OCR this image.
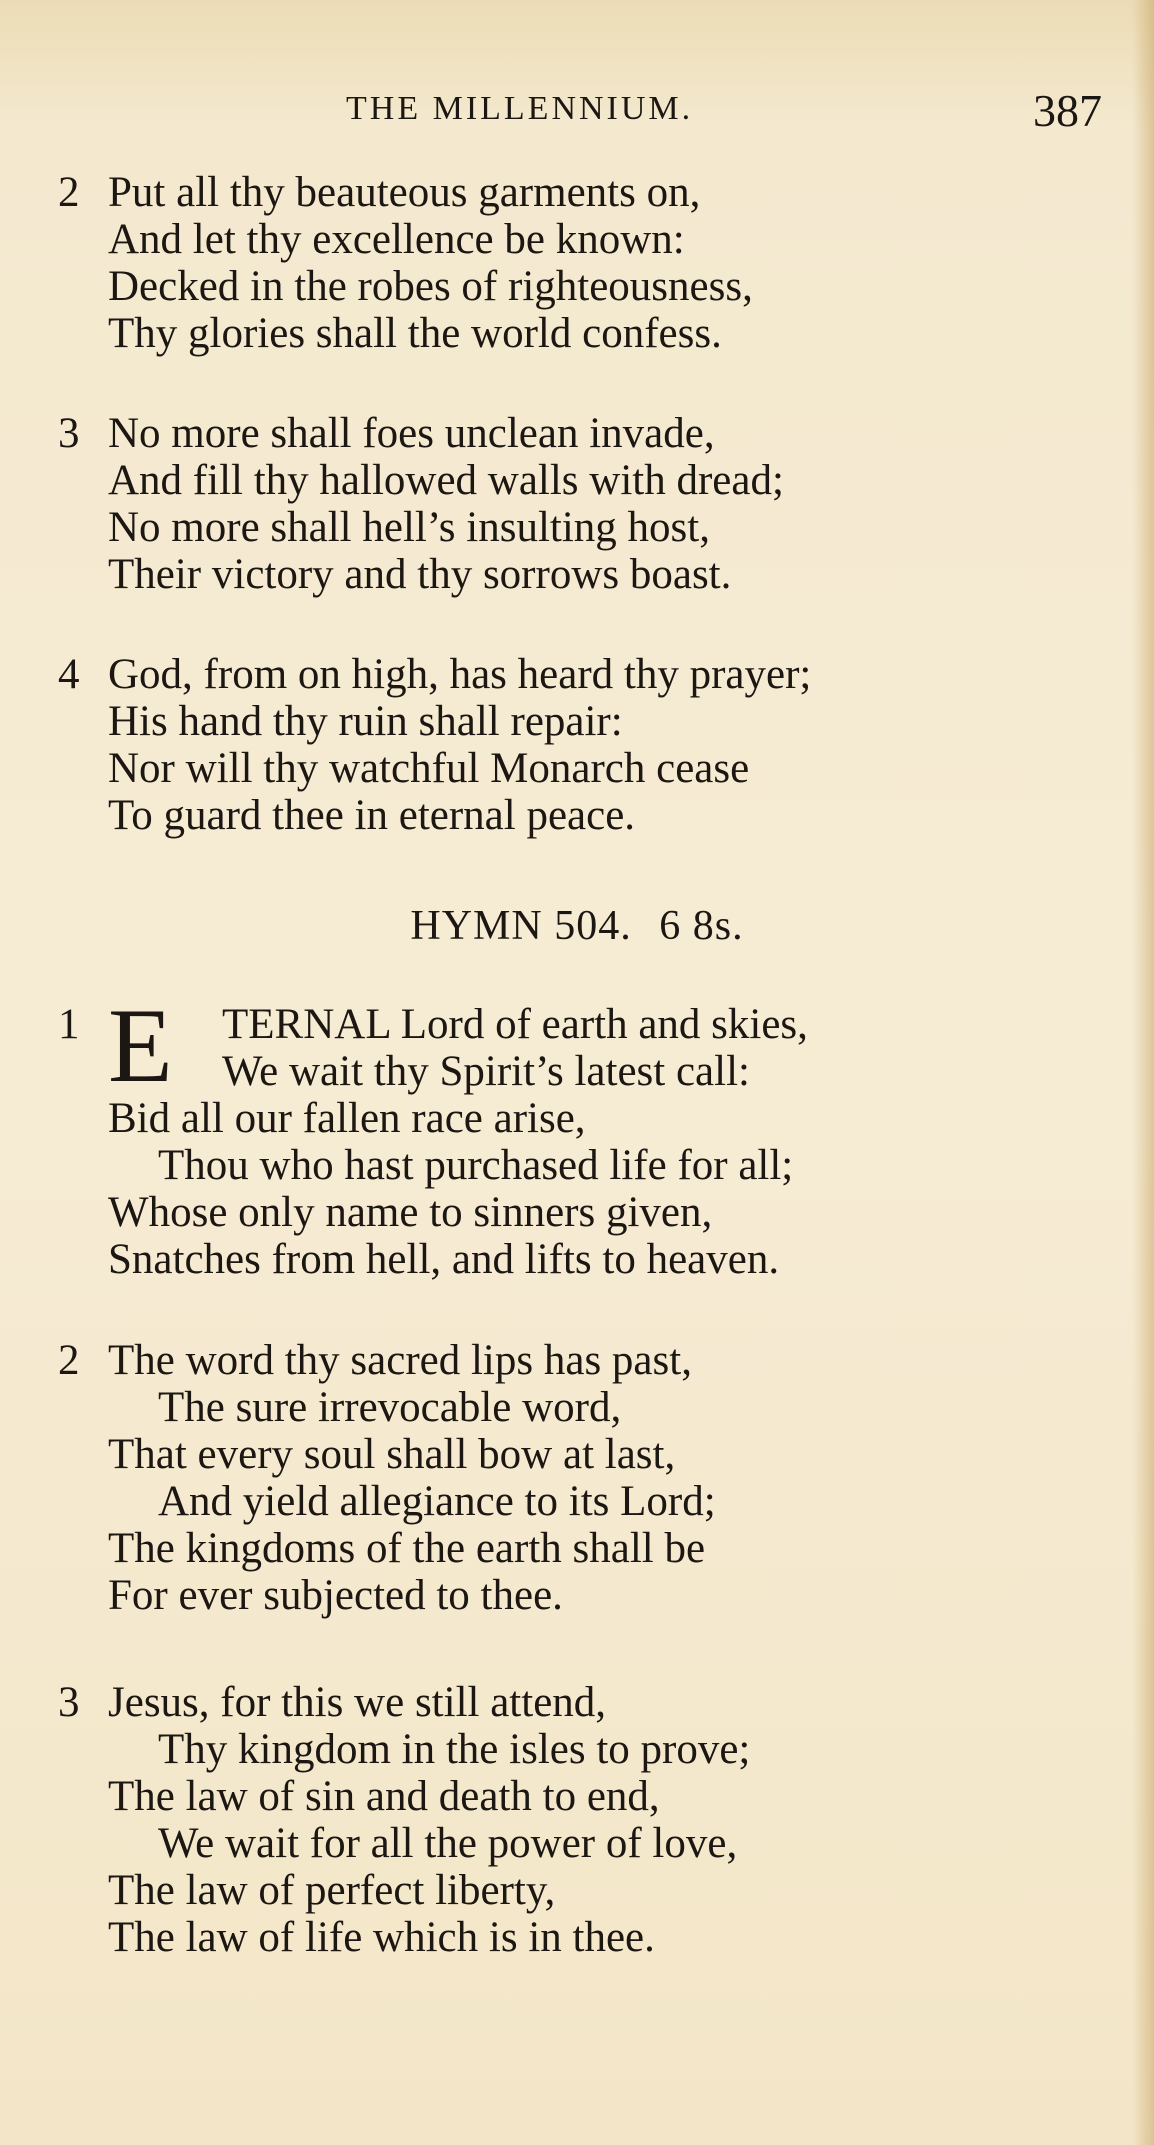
THE MILLENNIUM.	387
2 Put all thy beauteous garments on,
And let thy excellence be known:
Decked in the robes of righteousness,
Thy glories shall the world confess.
3 No more shall foes unclean invade,
And fill thy hallowed walls with dread;
No more shall hell’s insulting host,
Their victory and thy sorrows boast.
4 God, from on high, has heard thy prayer;
His hand thy ruin shall repair:
Nor will thy watchful Monarch cease
To guard thee in eternal peace.
HYMN 504. 6 8s.
1	TERNAL Lord of earth and skies,
We wait thy Spirit’s latest call:
Bid all our fallen race arise,
Thou who hast purchased life for all;
Whose only name to sinners given,
Snatches from hell, and lifts to heaven.
E
2 The word thy sacred lips has past,
The sure irrevocable word,
That every soul shall bow at last,
And yield allegiance to its Lord;
The kingdoms of the earth shall be
For ever subjected to thee.
3 Jesus, for this we still attend,
Thy kingdom in the isles to prove;
The law of sin and death to end,
We wait for all the power of love,
The law of perfect liberty,
The law of life which is in thee.
